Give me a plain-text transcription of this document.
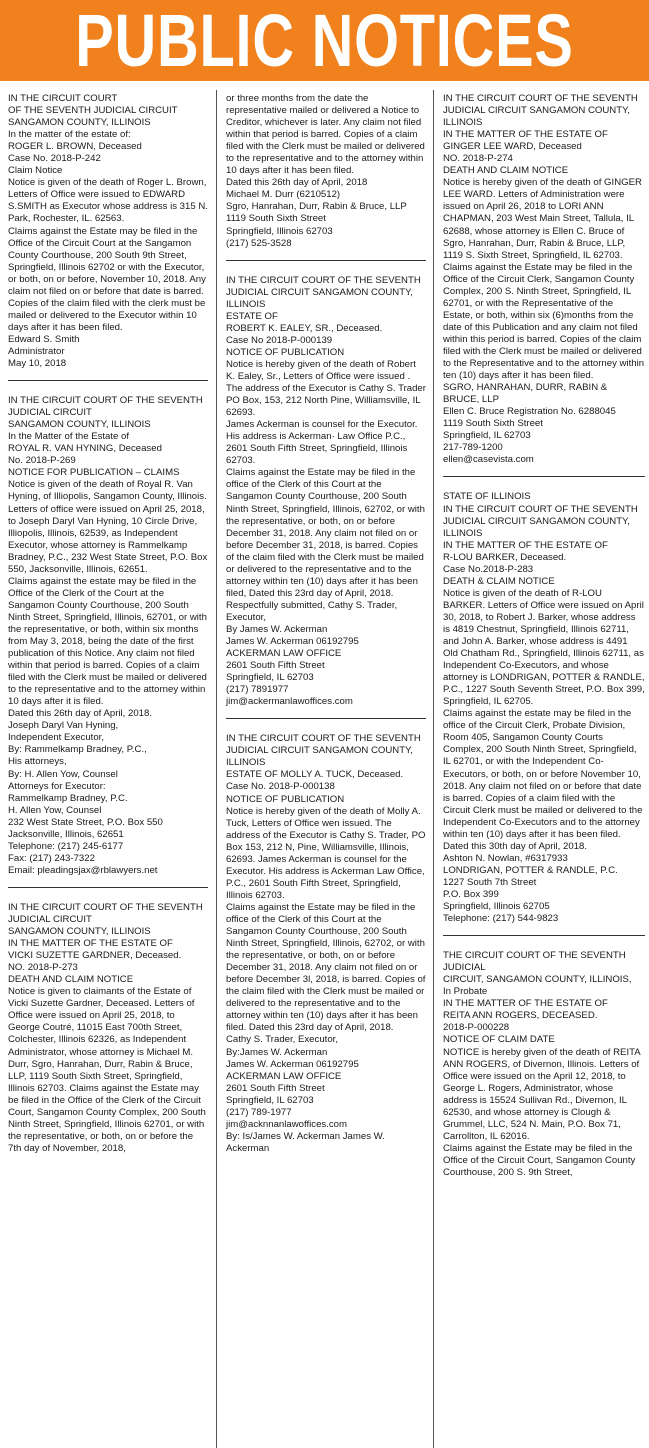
PUBLIC NOTICES
IN THE CIRCUIT COURT
OF THE SEVENTH JUDICIAL CIRCUIT
SANGAMON COUNTY, ILLINOIS
In the matter of the estate of:
ROGER L. BROWN, Deceased
Case No. 2018-P-242
Claim Notice
Notice is given of the death of Roger L. Brown, Letters of Office were issued to EDWARD S.SMITH as Executor whose address is 315 N. Park, Rochester, IL. 62563.
Claims against the Estate may be filed in the Office of the Circuit Court at the Sangamon County Courthouse, 200 South 9th Street, Springfield, Illinois 62702 or with the Executor, or both, on or before, November 10, 2018. Any claim not filed on or before that date is barred. Copies of the claim filed with the clerk must be mailed or delivered to the Executor within 10 days after it has been filed.
Edward S. Smith
Administrator
May 10, 2018
IN THE CIRCUIT COURT OF THE SEVENTH JUDICIAL CIRCUIT
SANGAMON COUNTY, ILLINOIS
In the Matter of the Estate of
ROYAL R. VAN HYNING, Deceased
No. 2018-P-269
NOTICE FOR PUBLICATION – CLAIMS
Notice is given of the death of Royal R. Van Hyning, of Illiopolis, Sangamon County, Illinois. Letters of office were issued on April 25, 2018, to Joseph Daryl Van Hyning, 10 Circle Drive, Illiopolis, Illinois, 62539, as Independent Executor, whose attorney is Rammelkamp Bradney, P.C., 232 West State Street, P.O. Box 550, Jacksonville, Illinois, 62651.
Claims against the estate may be filed in the Office of the Clerk of the Court at the Sangamon County Courthouse, 200 South Ninth Street, Springfield, Illinois, 62701, or with the representative, or both, within six months from May 3, 2018, being the date of the first publication of this Notice. Any claim not filed within that period is barred. Copies of a claim filed with the Clerk must be mailed or delivered to the representative and to the attorney within 10 days after it is filed.
Dated this 26th day of April, 2018.
Joseph Daryl Van Hyning,
Independent Executor,
By: Rammelkamp Bradney, P.C.,
His attorneys,
By: H. Allen Yow, Counsel
Attorneys for Executor:
Rammelkamp Bradney, P.C.
H. Allen Yow, Counsel
232 West State Street, P.O. Box 550
Jacksonville, Illinois, 62651
Telephone: (217) 245-6177
Fax: (217) 243-7322
Email: pleadingsjax@rblawyers.net
IN THE CIRCUIT COURT OF THE SEVENTH JUDICIAL CIRCUIT
SANGAMON COUNTY, ILLINOIS
IN THE MATTER OF THE ESTATE OF
VICKI SUZETTE GARDNER, Deceased.
NO. 2018-P-273
DEATH AND CLAIM NOTICE
Notice is given to claimants of the Estate of Vicki Suzette Gardner, Deceased. Letters of Office were issued on April 25, 2018, to George Coutré, 11015 East 700th Street, Colchester, Illinois 62326, as Independent Administrator, whose attorney is Michael M. Durr, Sgro, Hanrahan, Durr, Rabin & Bruce, LLP, 1119 South Sixth Street, Springfield, Illinois 62703. Claims against the Estate may be filed in the Office of the Clerk of the Circuit Court, Sangamon County Complex, 200 South Ninth Street, Springfield, Illinois 62701, or with the representative, or both, on or before the 7th day of November, 2018,
or three months from the date the representative mailed or delivered a Notice to Creditor, whichever is later. Any claim not filed within that period is barred. Copies of a claim filed with the Clerk must be mailed or delivered to the representative and to the attorney within 10 days after it has been filed.
Dated this 26th day of April, 2018
Michael M. Durr (6210512)
Sgro, Hanrahan, Durr, Rabin & Bruce, LLP
1119 South Sixth Street
Springfield, Illinois 62703
(217) 525-3528
IN THE CIRCUIT COURT OF THE SEVENTH JUDICIAL CIRCUIT SANGAMON COUNTY, ILLINOIS
ESTATE OF
ROBERT K. EALEY, SR., Deceased.
Case No 2018-P-000139
NOTICE OF PUBLICATION
Notice is hereby given of the death of Robert K. Ealey, Sr., Letters of Office were issued . The address of the Executor is Cathy S. Trader PO Box, 153, 212 North Pine, Williamsville, IL 62693.
James Ackerman is counsel for the Executor. His address is Ackerman· Law Office P.C., 2601 South Fifth Street, Springfield, Illinois 62703.
Claims against the Estate may be filed in the office of the Clerk of this Court at the Sangamon County Courthouse, 200 South Ninth Street, Springfield, Illinois, 62702, or with the representative, or both, on or before December 31, 2018. Any claim not filed on or before December 31, 2018, is barred. Copies of the claim filed with the Clerk must be mailed or delivered to the representative and to the attorney within ten (10) days after it has been filed, Dated this 23rd day of April, 2018.
Respectfully submitted, Cathy S. Trader, Executor,
By James W. Ackerman
James W. Ackerman 06192795
ACKERMAN LAW OFFICE
2601 South Fifth Street
Springfield, IL 62703
(217) 7891977
jim@ackermanlawoffices.com
IN THE CIRCUIT COURT OF THE SEVENTH JUDICIAL CIRCUIT SANGAMON COUNTY, ILLINOIS
ESTATE OF MOLLY A. TUCK, Deceased.
Case No. 2018-P-000138
NOTICE OF PUBLICATION
Notice is hereby given of the death of Molly A. Tuck, Letters of Office wen issued. The address of the Executor is Cathy S. Trader, PO Box 153, 212 N, Pine, Williamsville, Illinois, 62693. James Ackerman is counsel for the Executor. His address is Ackerman Law Office, P.C., 2601 South Fifth Street, Springfield, Illinois 62703.
Claims against the Estate may be filed in the office of the Clerk of this Court at the Sangamon County Courthouse, 200 South Ninth Street, Springfield, Illinois, 62702, or with the representative, or both, on or before December 31, 2018. Any claim not filed on or before December 3l, 2018, is barred. Copies of the claim filed with the Clerk must be mailed or delivered to the representative and to the attorney within ten (10) days after it has been filed. Dated this 23rd day of April, 2018.
Cathy S. Trader, Executor,
By:James W. Ackerman
James W. Ackerman 06192795
ACKERMAN LAW OFFICE
2601 South Fifth Street
Springfield, IL 62703
(217) 789-1977
jim@acknnanlawoffices.com
By: Is/James W. Ackerman James W. Ackerman
IN THE CIRCUIT COURT OF THE SEVENTH JUDICIAL CIRCUIT SANGAMON COUNTY, ILLINOIS
IN THE MATTER OF THE ESTATE OF
GINGER LEE WARD, Deceased
NO. 2018-P-274
DEATH AND CLAIM NOTICE
Notice is hereby given of the death of GINGER LEE WARD. Letters of Administration were issued on April 26, 2018 to LORI ANN CHAPMAN, 203 West Main Street, Tallula, IL 62688, whose attorney is Ellen C. Bruce of Sgro, Hanrahan, Durr, Rabin & Bruce, LLP, 1119 S. Sixth Street, Springfield, IL 62703. Claims against the Estate may be filed in the Office of the Circuit Clerk, Sangamon County Complex, 200 S. Ninth Street, Springfield, IL 62701, or with the Representative of the Estate, or both, within six (6)months from the date of this Publication and any claim not filed within this period is barred. Copies of the claim filed with the Clerk must be mailed or delivered to the Representative and to the attorney within ten (10) days after it has been filed.
SGRO, HANRAHAN, DURR, RABIN & BRUCE, LLP
Ellen C. Bruce Registration No. 6288045
1119 South Sixth Street
Springfield, IL 62703
217-789-1200
ellen@casevista.com
STATE OF ILLINOIS
IN THE CIRCUIT COURT OF THE SEVENTH JUDICIAL CIRCUIT SANGAMON COUNTY, ILLINOIS
IN THE MATTER OF THE ESTATE OF
R-LOU BARKER, Deceased.
Case No.2018-P-283
DEATH & CLAIM NOTICE
Notice is given of the death of R-LOU BARKER. Letters of Office were issued on April 30, 2018, to Robert J. Barker, whose address is 4819 Chestnut, Springfield, Illinois 62711, and John A. Barker, whose address is 4491 Old Chatham Rd., Springfield, Illinois 62711, as Independent Co-Executors, and whose attorney is LONDRIGAN, POTTER & RANDLE, P.C., 1227 South Seventh Street, P.O. Box 399, Springfield, IL 62705.
Claims against the estate may be filed in the office of the Circuit Clerk, Probate Division, Room 405, Sangamon County Courts Complex, 200 South Ninth Street, Springfield, IL 62701, or with the Independent Co-Executors, or both, on or before November 10, 2018. Any claim not filed on or before that date is barred. Copies of a claim filed with the Circuit Clerk must be mailed or delivered to the Independent Co-Executors and to the attorney within ten (10) days after it has been filed.
Dated this 30th day of April, 2018.
Ashton N. Nowlan, #6317933
LONDRIGAN, POTTER & RANDLE, P.C.
1227 South 7th Street
P.O. Box 399
Springfield, Illinois 62705
Telephone: (217) 544-9823
THE CIRCUIT COURT OF THE SEVENTH JUDICIAL
CIRCUIT, SANGAMON COUNTY, ILLINOIS,
In Probate
IN THE MATTER OF THE ESTATE OF
REITA ANN ROGERS, DECEASED.
2018-P-000228
NOTICE OF CLAIM DATE
NOTICE is hereby given of the death of REITA ANN ROGERS, of Divernon, Illinois. Letters of Office were issued on the April 12, 2018, to George L. Rogers, Administrator, whose address is 15524 Sullivan Rd., Divernon, IL 62530, and whose attorney is Clough & Grummel, LLC, 524 N. Main, P.O. Box 71, Carrollton, IL 62016.
Claims against the Estate may be filed in the Office of the Circuit Court, Sangamon County Courthouse, 200 S. 9th Street,
